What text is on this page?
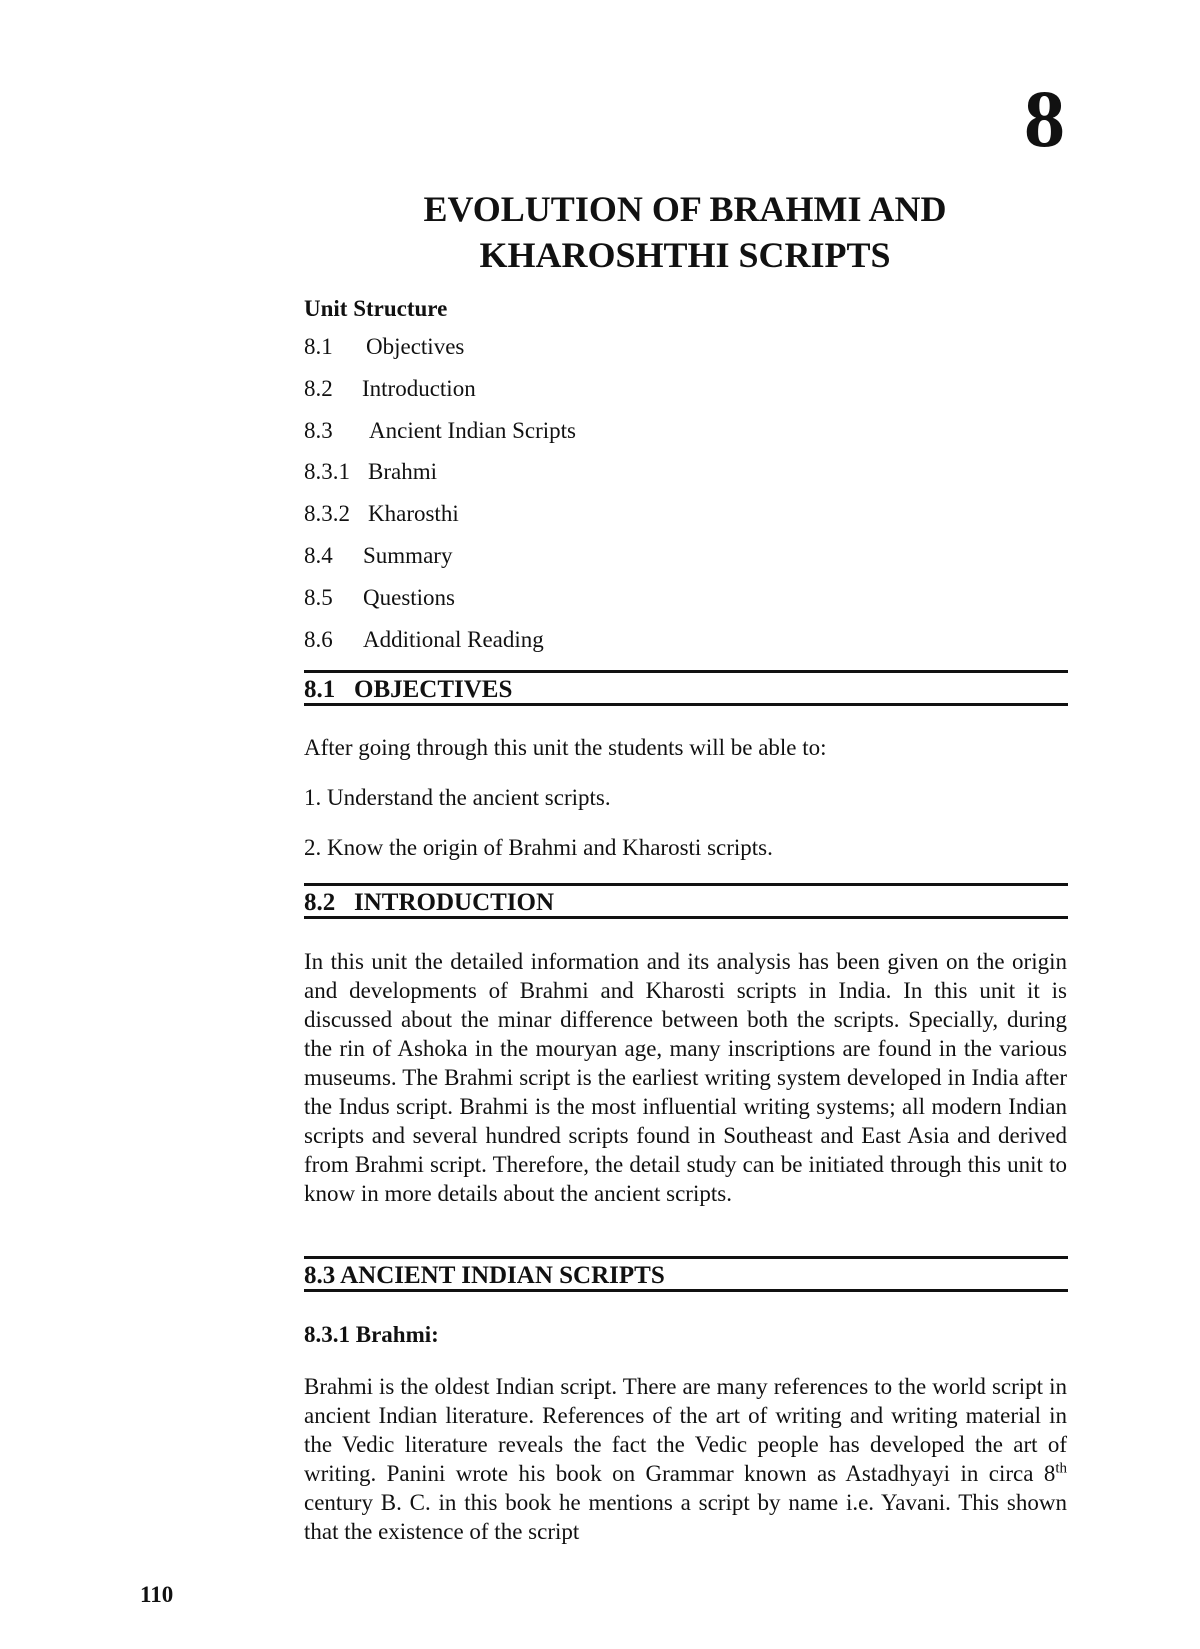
8
EVOLUTION OF BRAHMI AND
KHAROSHTHI SCRIPTS
Unit Structure
8.1 Objectives
8.2 Introduction
8.3 Ancient Indian Scripts
8.3.1 Brahmi
8.3.2 Kharosthi
8.4 Summary
8.5 Questions
8.6 Additional Reading
8.1   OBJECTIVES
After going through this unit the students will be able to:
1. Understand the ancient scripts.
2. Know the origin of Brahmi and Kharosti scripts.
8.2   INTRODUCTION

In this unit the detailed information and its analysis has been given on the origin and developments of Brahmi and Kharosti scripts in India. In this unit it is discussed about the minar difference between both the scripts. Specially, during the rin of Ashoka in the mouryan age, many inscriptions are found in the various museums. The Brahmi script is the earliest writing system developed in India after the Indus script. Brahmi is the most influential writing systems; all modern Indian scripts and several hundred scripts found in Southeast and East Asia and derived from Brahmi script. Therefore, the detail study can be initiated through this unit to know in more details about the ancient scripts.

8.3 ANCIENT INDIAN SCRIPTS
8.3.1 Brahmi:

Brahmi is the oldest Indian script. There are many references to the world script in ancient Indian literature. References of the art of writing and writing material in the Vedic literature reveals the fact the Vedic people has developed the art of writing. Panini wrote his book on Grammar known as Astadhyayi in circa 8th century B. C. in this book he mentions a script by name i.e. Yavani. This shown that the existence of the script

110
